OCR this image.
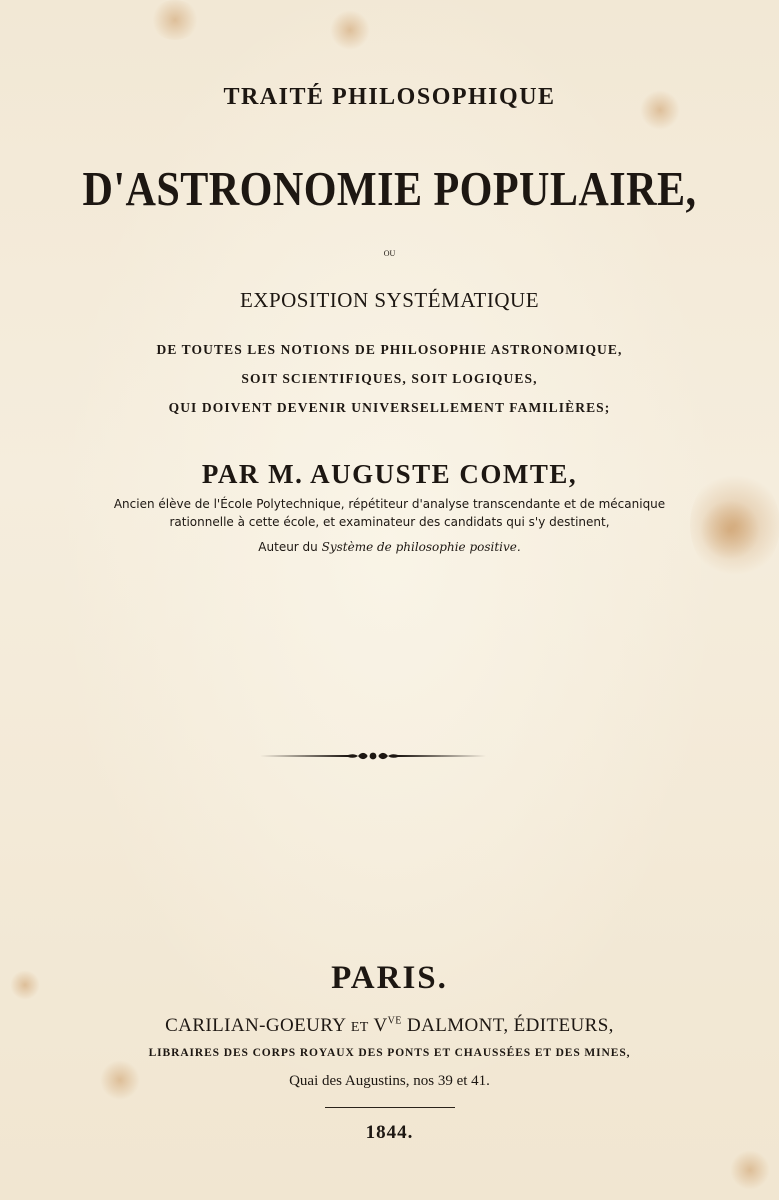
TRAITÉ PHILOSOPHIQUE
D'ASTRONOMIE POPULAIRE,
ou
EXPOSITION SYSTÉMATIQUE
DE TOUTES LES NOTIONS DE PHILOSOPHIE ASTRONOMIQUE,
SOIT SCIENTIFIQUES, SOIT LOGIQUES,
QUI DOIVENT DEVENIR UNIVERSELLEMENT FAMILIÈRES;
PAR M. AUGUSTE COMTE,
Ancien élève de l'École Polytechnique, répétiteur d'analyse transcendante et de mécanique
rationnelle à cette école, et examinateur des candidats qui s'y destinent,
Auteur du Système de philosophie positive.
PARIS.
CARILIAN-GOEURY ET $V^{VE}$ DALMONT, ÉDITEURS,
LIBRAIRES DES CORPS ROYAUX DES PONTS ET CHAUSSÉES ET DES MINES,
Quai des Augustins, nos 39 et 41.
1844.
